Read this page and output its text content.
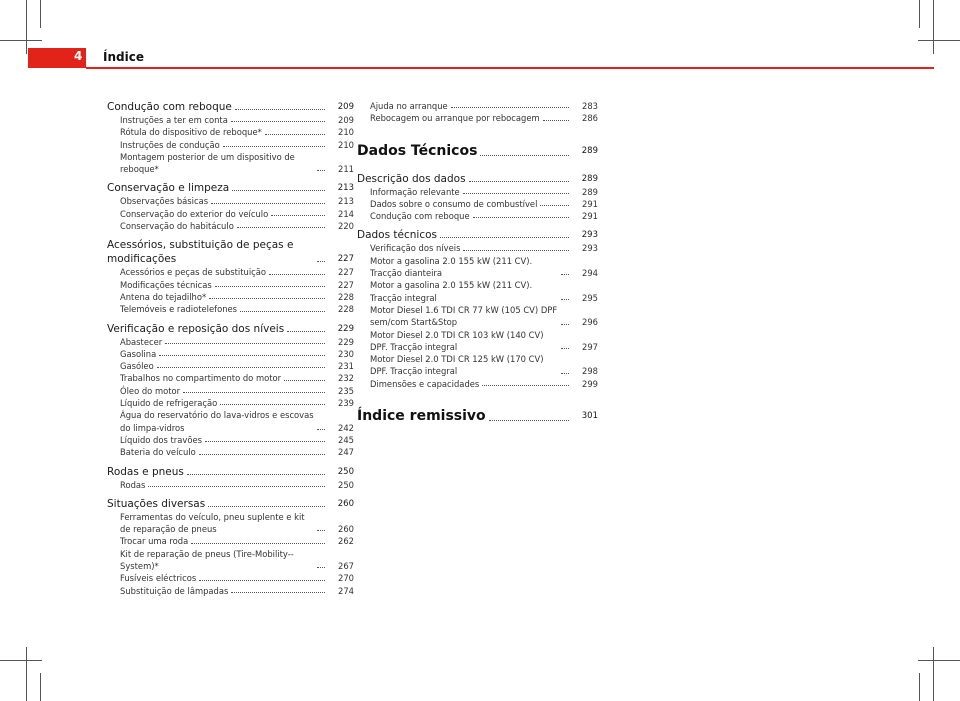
4 Índice
Condução com reboque	209
Instruções a ter em conta	209
Rótula do dispositivo de reboque*	210
Instruções de condução	210
Montagem posterior de um dispositivo de reboque*	211
Conservação e limpeza	213
Observações básicas	213
Conservação do exterior do veículo	214
Conservação do habitáculo	220
Acessórios, substituição de peças e modificações	227
Acessórios e peças de substituição	227
Modificações técnicas	227
Antena do tejadilho*	228
Telemóveis e radiotelefones	228
Verificação e reposição dos níveis	229
Abastecer	229
Gasolina	230
Gasóleo	231
Trabalhos no compartimento do motor	232
Óleo do motor	235
Líquido de refrigeração	239
Água do reservatório do lava-vidros e escovas do limpa-vidros	242
Líquido dos travões	245
Bateria do veículo	247
Rodas e pneus	250
Rodas	250
Situações diversas	260
Ferramentas do veículo, pneu suplente e kit de reparação de pneus	260
Trocar uma roda	262
Kit de reparação de pneus (Tire-Mobility--System)*	267
Fusíveis eléctricos	270
Substituição de lâmpadas	274
Ajuda no arranque	283
Rebocagem ou arranque por rebocagem	286
Dados Técnicos	289
Descrição dos dados	289
Informação relevante	289
Dados sobre o consumo de combustível	291
Condução com reboque	291
Dados técnicos	293
Verificação dos níveis	293
Motor a gasolina 2.0 155 kW (211 CV). Tracção dianteira	294
Motor a gasolina 2.0 155 kW (211 CV). Tracção integral	295
Motor Diesel 1.6 TDI CR 77 kW (105 CV) DPF sem/com Start&Stop	296
Motor Diesel 2.0 TDI CR 103 kW (140 CV) DPF. Tracção integral	297
Motor Diesel 2.0 TDI CR 125 kW (170 CV) DPF. Tracção integral	298
Dimensões e capacidades	299
Índice remissivo	301
